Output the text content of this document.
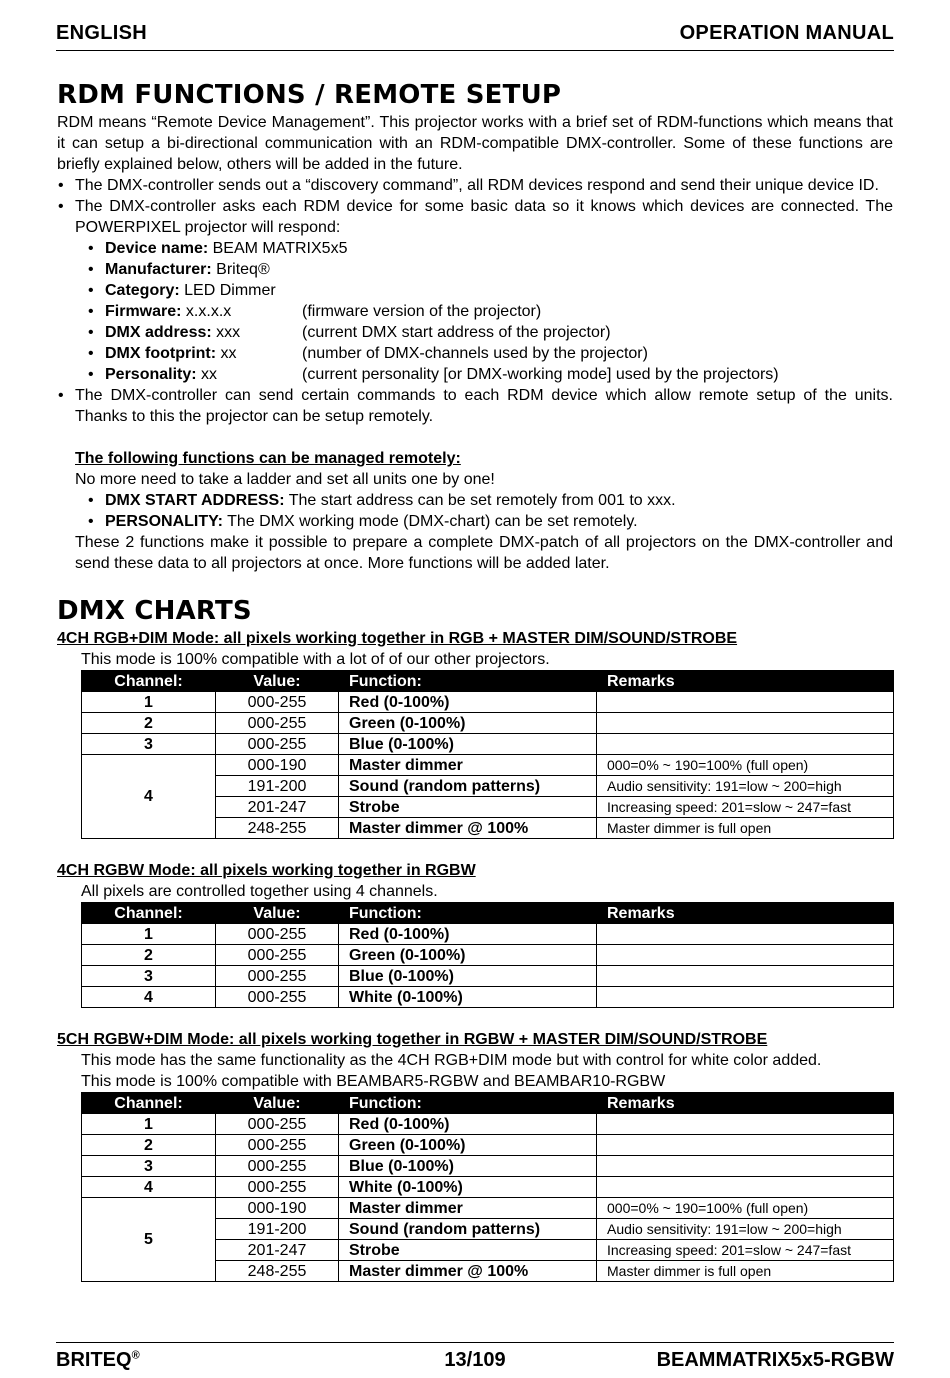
ENGLISH	OPERATION MANUAL
RDM FUNCTIONS / REMOTE SETUP

RDM means “Remote Device Management”. This projector works with a brief set of RDM-functions which means that it can setup a bi-directional communication with an RDM-compatible DMX-controller. Some of these functions are briefly explained below, others will be added in the future.

• The DMX-controller sends out a “discovery command”, all RDM devices respond and send their unique device ID.
• The DMX-controller asks each RDM device for some basic data so it knows which devices are connected. The POWERPIXEL projector will respond:
• Device name: BEAM MATRIX5x5
• Manufacturer: Briteq®
• Category: LED Dimmer
• Firmware: x.x.x.x	(firmware version of the projector)
• DMX address: xxx	(current DMX start address of the projector)
• DMX footprint: xx	(number of DMX-channels used by the projector)
• Personality: xx	(current personality [or DMX-working mode] used by the projectors)
• The DMX-controller can send certain commands to each RDM device which allow remote setup of the units. Thanks to this the projector can be setup remotely.

The following functions can be managed remotely:

No more need to take a ladder and set all units one by one!

• DMX START ADDRESS: The start address can be set remotely from 001 to xxx.
• PERSONALITY: The DMX working mode (DMX-chart) can be set remotely.

These 2 functions make it possible to prepare a complete DMX-patch of all projectors on the DMX-controller and send these data to all projectors at once. More functions will be added later.

DMX CHARTS

4CH RGB+DIM Mode: all pixels working together in RGB + MASTER DIM/SOUND/STROBE

This mode is 100% compatible with a lot of of our other projectors.
Channel:	Value:	Function:	Remarks
1	000-255	Red (0-100%)	
2	000-255	Green (0-100%)	
3	000-255	Blue (0-100%)	
4	000-190	Master dimmer	000=0% ~ 190=100% (full open)
	191-200	Sound (random patterns)	Audio sensitivity: 191=low ~ 200=high
	201-247	Strobe	Increasing speed: 201=slow ~ 247=fast
	248-255	Master dimmer @ 100%	Master dimmer is full open

4CH RGBW Mode: all pixels working together in RGBW

All pixels are controlled together using 4 channels.
Channel:	Value:	Function:	Remarks
1	000-255	Red (0-100%)	
2	000-255	Green (0-100%)	
3	000-255	Blue (0-100%)	
4	000-255	White (0-100%)	

5CH RGBW+DIM Mode: all pixels working together in RGBW + MASTER DIM/SOUND/STROBE

This mode has the same functionality as the 4CH RGB+DIM mode but with control for white color added.
This mode is 100% compatible with BEAMBAR5-RGBW and BEAMBAR10-RGBW
Channel:	Value:	Function:	Remarks
1	000-255	Red (0-100%)	
2	000-255	Green (0-100%)	
3	000-255	Blue (0-100%)	
4	000-255	White (0-100%)	
5	000-190	Master dimmer	000=0% ~ 190=100% (full open)
	191-200	Sound (random patterns)	Audio sensitivity: 191=low ~ 200=high
	201-247	Strobe	Increasing speed: 201=slow ~ 247=fast
	248-255	Master dimmer @ 100%	Master dimmer is full open
BRITEQ®	13/109	BEAMMATRIX5x5-RGBW
